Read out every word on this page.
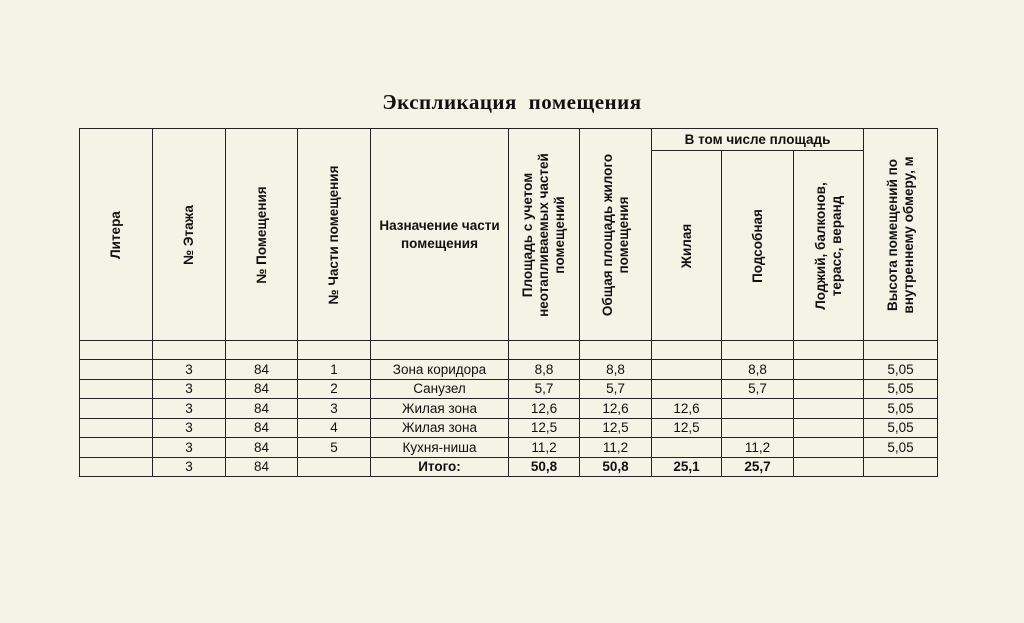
Экспликация помещения
Литера	№ Этажа	№ Помещения	№ Части помещения	Назначение части помещения	Площадь с учетом неотапливаемых частей помещений	Общая площадь жилого помещения	В том числе площадь			Высота помещений по внутреннему обмеру, м

							Жилая	Подсобная	Лоджий, балконов, терасс, веранд	

	3	84	1	Зона коридора	8,8	8,8		8,8		5,05
	3	84	2	Санузел	5,7	5,7		5,7		5,05
	3	84	3	Жилая зона	12,6	12,6	12,6			5,05
	3	84	4	Жилая зона	12,5	12,5	12,5			5,05
	3	84	5	Кухня-ниша	11,2	11,2		11,2		5,05
	3	84		Итого:	50,8	50,8	25,1	25,7		
